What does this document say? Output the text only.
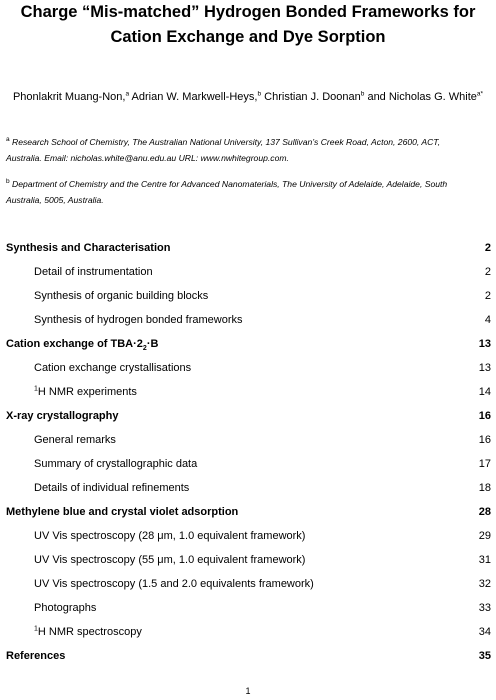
Charge “Mis-matched” Hydrogen Bonded Frameworks for
Cation Exchange and Dye Sorption
Phonlakrit Muang-Non,$^a$ Adrian W. Markwell-Heys,$^b$ Christian J. Doonan$^b$ and Nicholas G. White$^{a*}$
$^a$ Research School of Chemistry, The Australian National University, 137 Sullivan’s Creek Road, Acton, 2600, ACT,
Australia. Email: nicholas.white@anu.edu.au URL: www.nwhitegroup.com.
$^b$ Department of Chemistry and the Centre for Advanced Nanomaterials, The University of Adelaide, Adelaide, South
Australia, 5005, Australia.
Synthesis and Characterisation	2
Detail of instrumentation	2
Synthesis of organic building blocks	2
Synthesis of hydrogen bonded frameworks	4
Cation exchange of $TBA\cdot 2_2\cdot B$	13
Cation exchange crystallisations	13
$^1$H NMR experiments	14
X-ray crystallography	16
General remarks	16
Summary of crystallographic data	17
Details of individual refinements	18
Methylene blue and crystal violet adsorption	28
UV Vis spectroscopy (28 μm, 1.0 equivalent framework)	29
UV Vis spectroscopy (55 μm, 1.0 equivalent framework)	31
UV Vis spectroscopy (1.5 and 2.0 equivalents framework)	32
Photographs	33
$^1$H NMR spectroscopy	34
References	35
1
